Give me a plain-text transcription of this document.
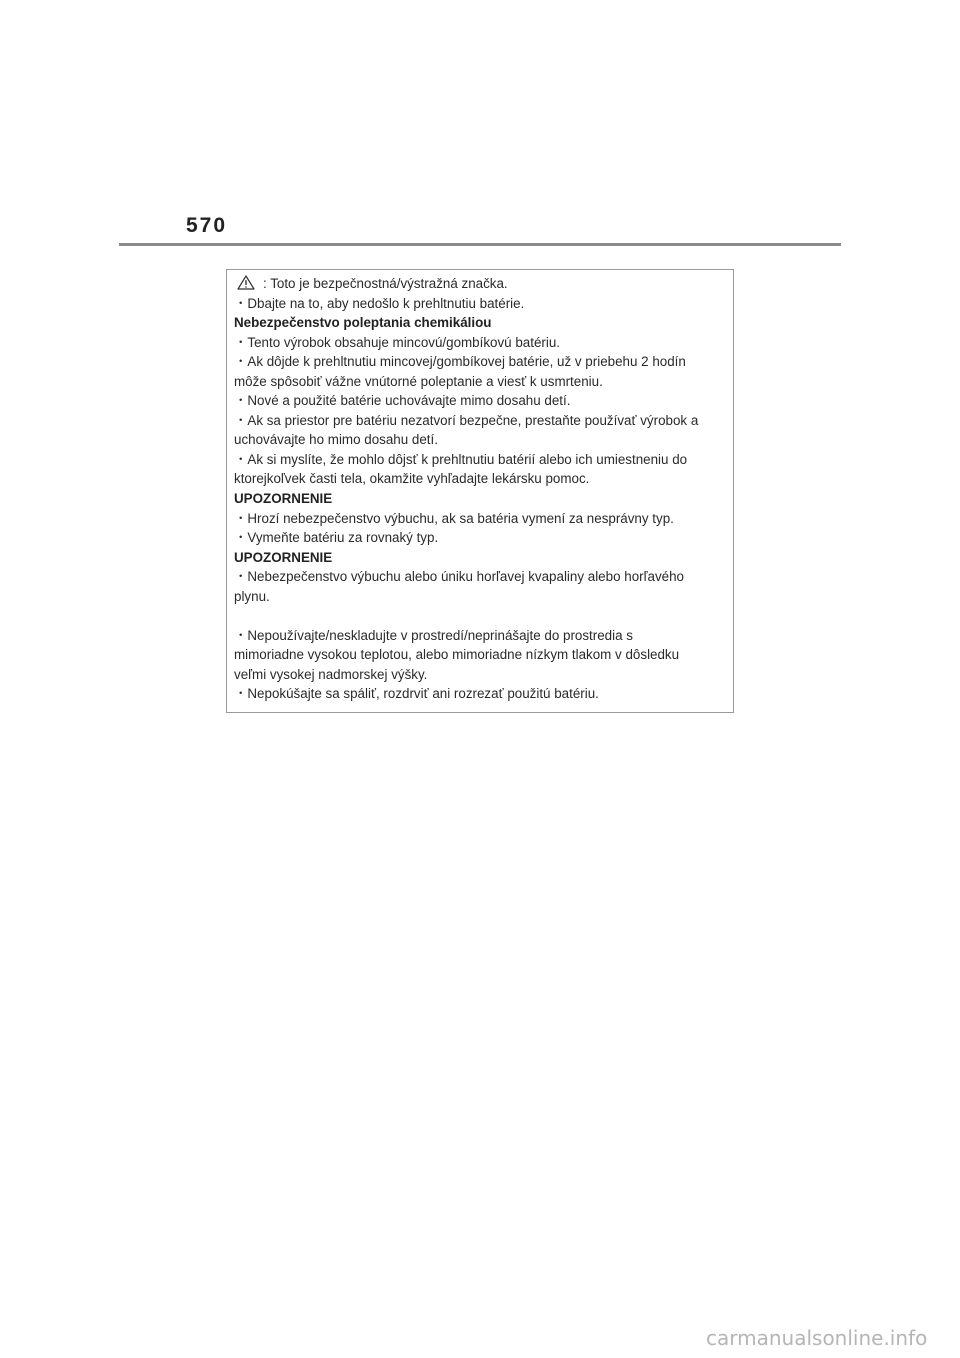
570
: Toto je bezpečnostná/výstražná značka.
・Dbajte na to, aby nedošlo k prehltnutiu batérie.
Nebezpečenstvo poleptania chemikáliou
・Tento výrobok obsahuje mincovú/gombíkovú batériu.
・Ak dôjde k prehltnutiu mincovej/gombíkovej batérie, už v priebehu 2 hodín
môže spôsobiť vážne vnútorné poleptanie a viesť k usmrteniu.
・Nové a použité batérie uchovávajte mimo dosahu detí.
・Ak sa priestor pre batériu nezatvorí bezpečne, prestaňte používať výrobok a
uchovávajte ho mimo dosahu detí.
・Ak si myslíte, že mohlo dôjsť k prehltnutiu batérií alebo ich umiestneniu do
ktorejkoľvek časti tela, okamžite vyhľadajte lekársku pomoc.
UPOZORNENIE
・Hrozí nebezpečenstvo výbuchu, ak sa batéria vymení za nesprávny typ.
・Vymeňte batériu za rovnaký typ.
UPOZORNENIE
・Nebezpečenstvo výbuchu alebo úniku horľavej kvapaliny alebo horľavého
plynu.
・Nepoužívajte/neskladujte v prostredí/neprinášajte do prostredia s
mimoriadne vysokou teplotou, alebo mimoriadne nízkym tlakom v dôsledku
veľmi vysokej nadmorskej výšky.
・Nepokúšajte sa spáliť, rozdrviť ani rozrezať použitú batériu.
carmanualsonline.info
